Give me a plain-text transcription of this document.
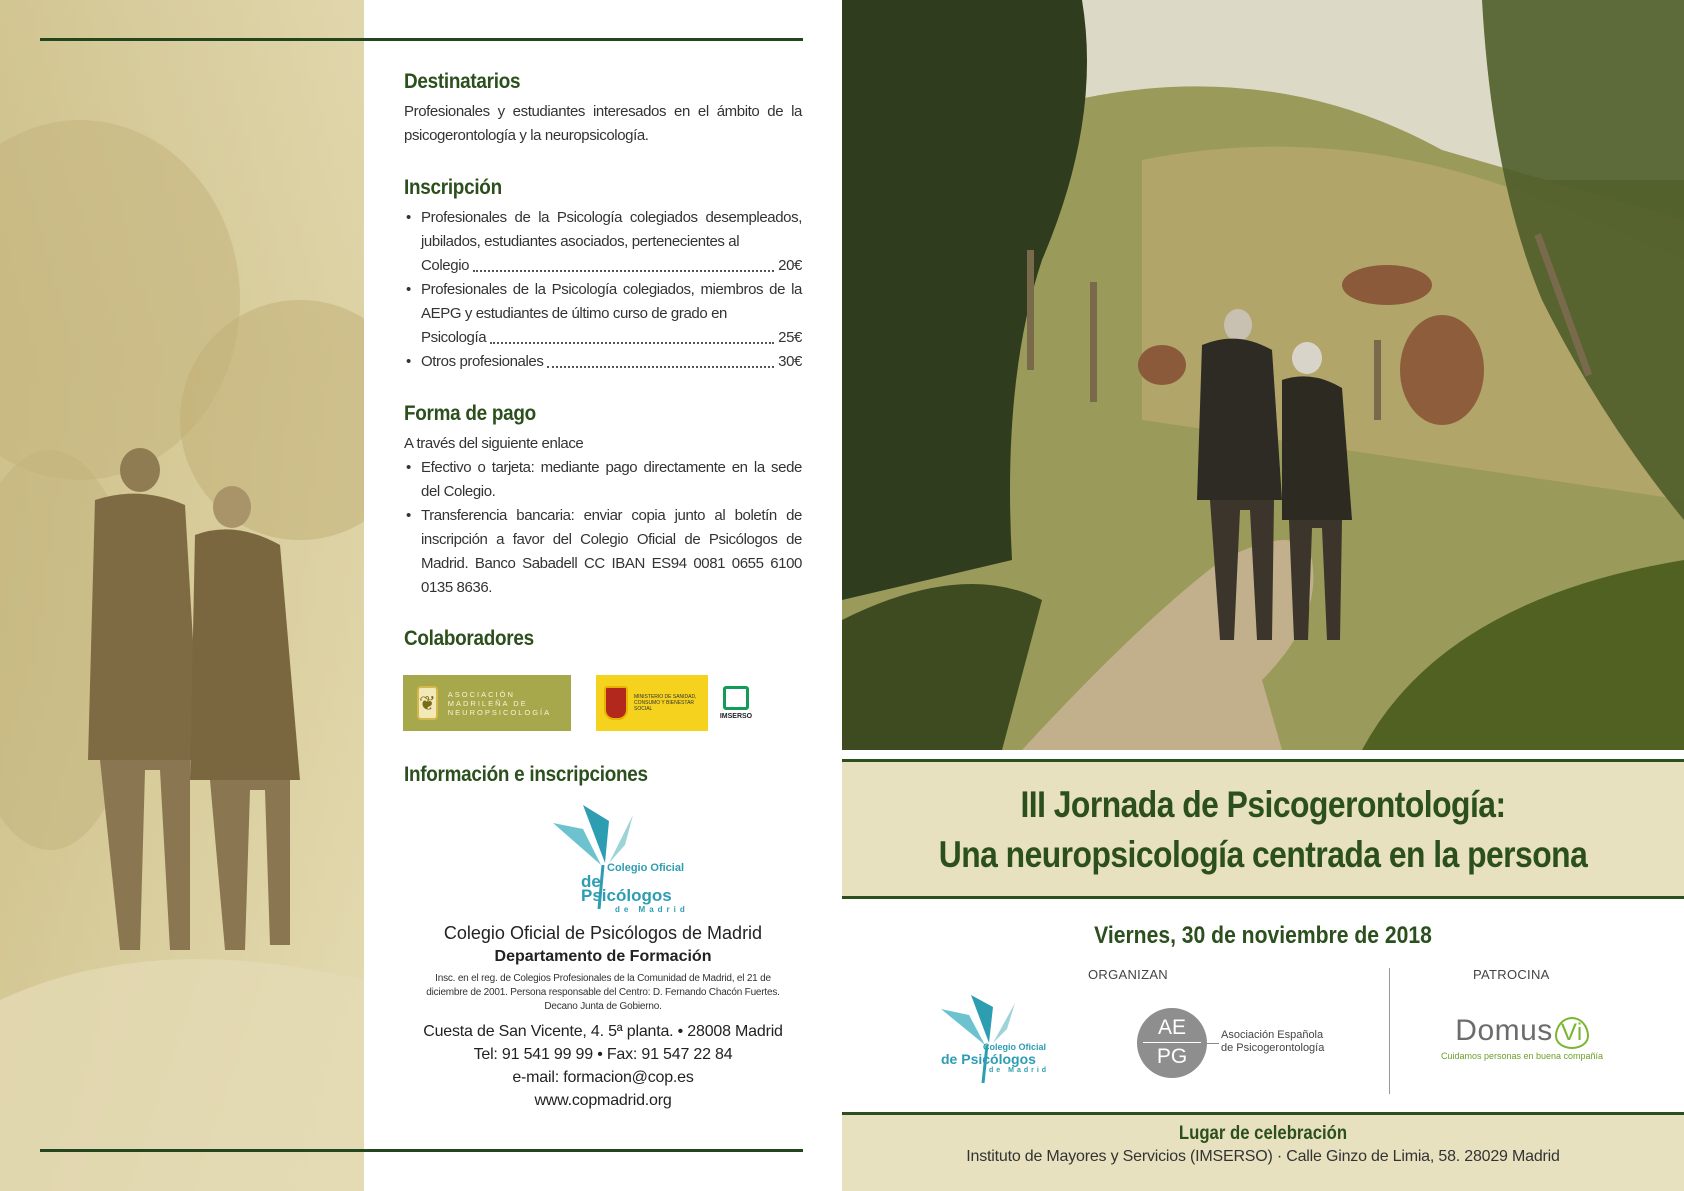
Destinatarios
Profesionales y estudiantes interesados en el ámbito de la psicogerontología y la neuropsicología.
Inscripción
• Profesionales de la Psicología colegiados desempleados, jubilados, estudiantes asociados, pertenecientes al
Colegio	20€
• Profesionales de la Psicología colegiados, miembros de la AEPG y estudiantes de último curso de grado en
Psicología	25€
• Otros profesionales	30€
Forma de pago
A través del siguiente enlace
• Efectivo o tarjeta: mediante pago directamente en la sede del Colegio.
• Transferencia bancaria: enviar copia junto al boletín de inscripción a favor del Colegio Oficial de Psicólogos de Madrid. Banco Sabadell CC IBAN ES94 0081 0655 6100 0135 8636.
Colaboradores
❦ ASOCIACIÓN MADRILEÑA DE NEUROPSICOLOGÍA
MINISTERIO DE SANIDAD, CONSUMO Y BIENESTAR SOCIAL
IMSERSO
Información e inscripciones
Colegio Oficial
de Psicólogos
de Madrid
Colegio Oficial de Psicólogos de Madrid
Departamento de Formación
Insc. en el reg. de Colegios Profesionales de la Comunidad de Madrid, el 21 de diciembre de 2001. Persona responsable del Centro: D. Fernando Chacón Fuertes. Decano Junta de Gobierno.
Cuesta de San Vicente, 4. 5ª planta. • 28008 Madrid
Tel: 91 541 99 99 • Fax: 91 547 22 84
e-mail: formacion@cop.es
www.copmadrid.org
III Jornada de Psicogerontología:
Una neuropsicología centrada en la persona
Viernes, 30 de noviembre de 2018
ORGANIZAN	PATROCINA
Colegio Oficial
de Psicólogos
de Madrid
AE
PG
Asociación Española
de Psicogerontología
Domus Vi
Cuidamos personas en buena compañía
Lugar de celebración
Instituto de Mayores y Servicios (IMSERSO) · Calle Ginzo de Limia, 58. 28029 Madrid
